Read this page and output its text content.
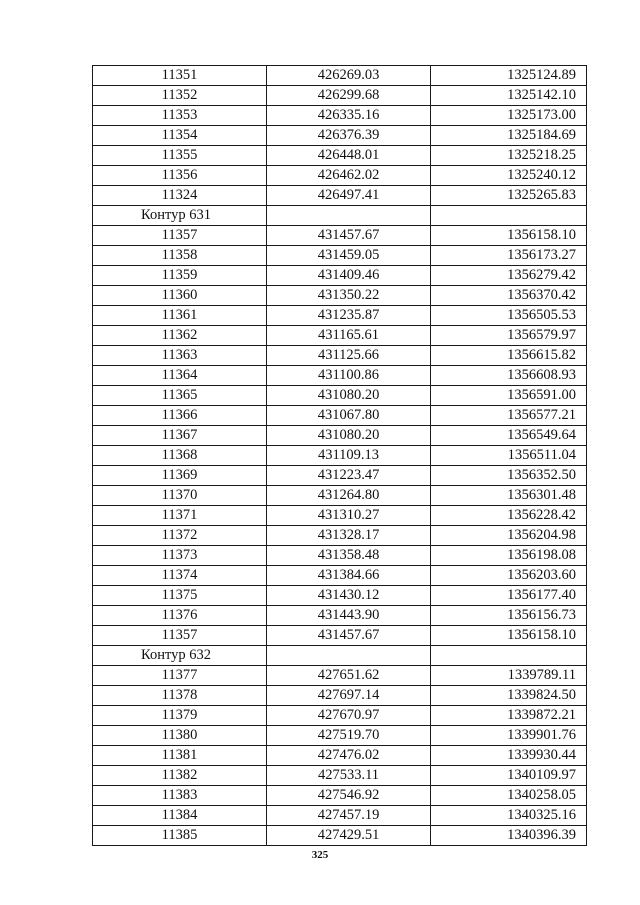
11351	426269.03	1325124.89
11352	426299.68	1325142.10
11353	426335.16	1325173.00
11354	426376.39	1325184.69
11355	426448.01	1325218.25
11356	426462.02	1325240.12
11324	426497.41	1325265.83
Контур 631		
11357	431457.67	1356158.10
11358	431459.05	1356173.27
11359	431409.46	1356279.42
11360	431350.22	1356370.42
11361	431235.87	1356505.53
11362	431165.61	1356579.97
11363	431125.66	1356615.82
11364	431100.86	1356608.93
11365	431080.20	1356591.00
11366	431067.80	1356577.21
11367	431080.20	1356549.64
11368	431109.13	1356511.04
11369	431223.47	1356352.50
11370	431264.80	1356301.48
11371	431310.27	1356228.42
11372	431328.17	1356204.98
11373	431358.48	1356198.08
11374	431384.66	1356203.60
11375	431430.12	1356177.40
11376	431443.90	1356156.73
11357	431457.67	1356158.10
Контур 632		
11377	427651.62	1339789.11
11378	427697.14	1339824.50
11379	427670.97	1339872.21
11380	427519.70	1339901.76
11381	427476.02	1339930.44
11382	427533.11	1340109.97
11383	427546.92	1340258.05
11384	427457.19	1340325.16
11385	427429.51	1340396.39
325
